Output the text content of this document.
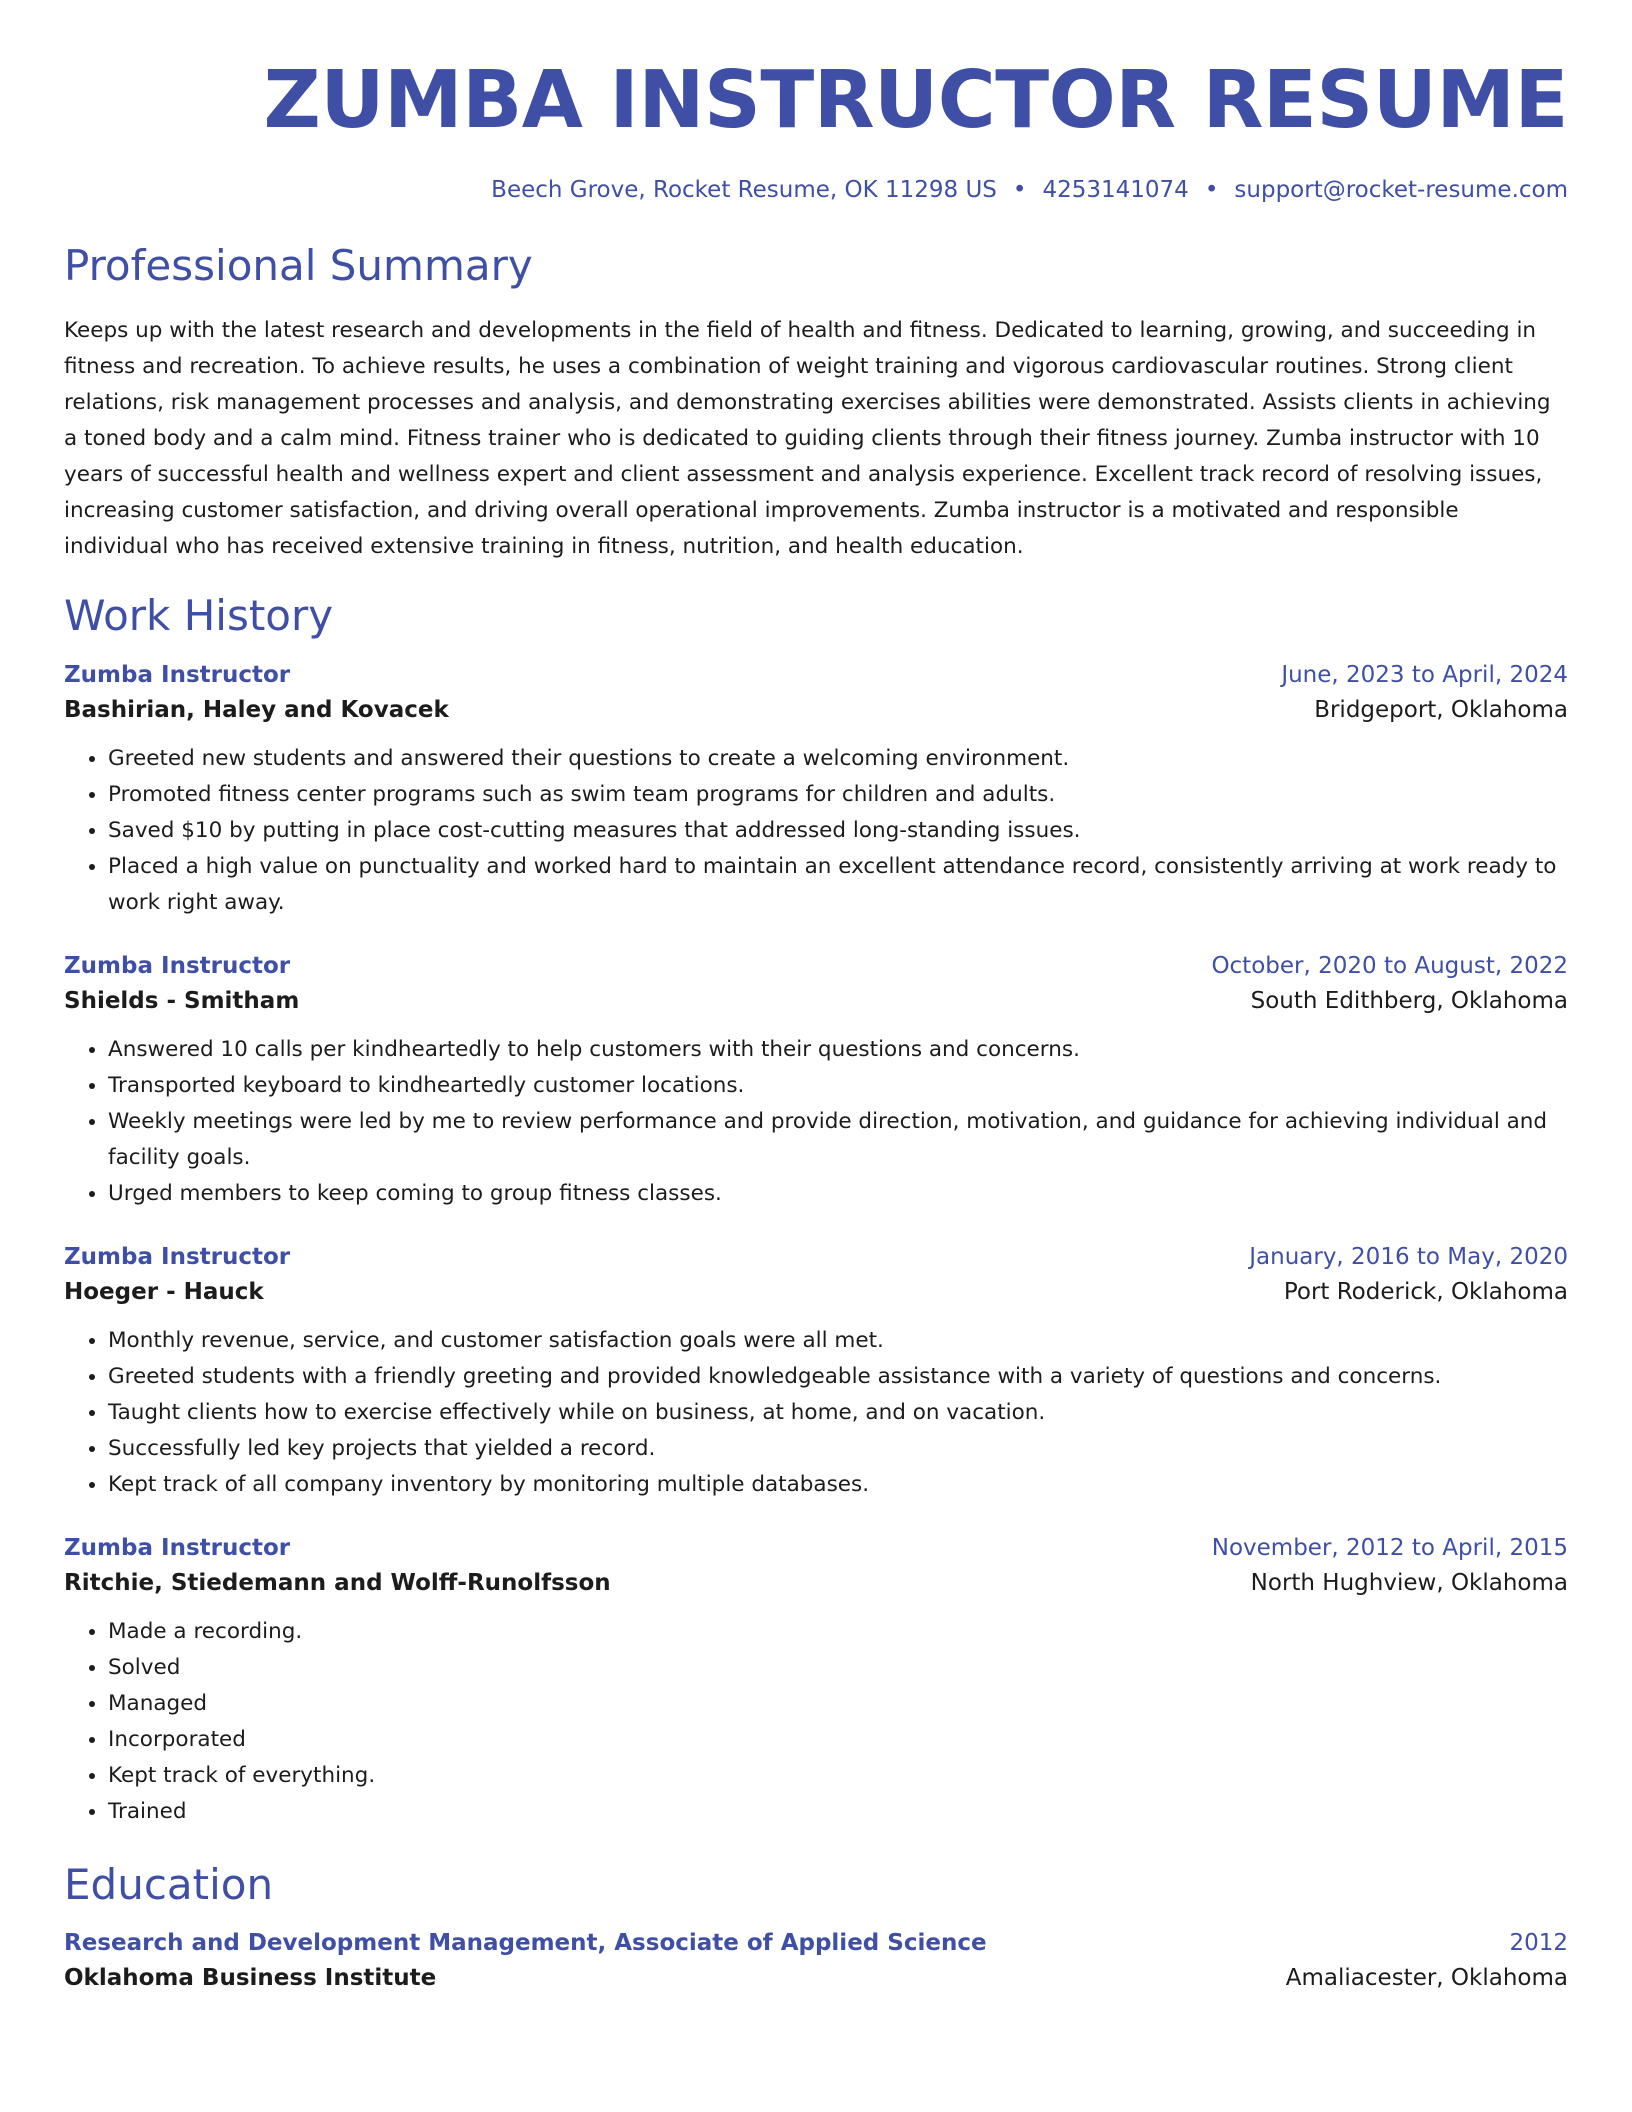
ZUMBA INSTRUCTOR RESUME
Beech Grove, Rocket Resume, OK 11298 US • 4253141074 • support@rocket-resume.com
Professional Summary
Keeps up with the latest research and developments in the field of health and fitness. Dedicated to learning, growing, and succeeding in fitness and recreation. To achieve results, he uses a combination of weight training and vigorous cardiovascular routines. Strong client relations, risk management processes and analysis, and demonstrating exercises abilities were demonstrated. Assists clients in achieving a toned body and a calm mind. Fitness trainer who is dedicated to guiding clients through their fitness journey. Zumba instructor with 10 years of successful health and wellness expert and client assessment and analysis experience. Excellent track record of resolving issues, increasing customer satisfaction, and driving overall operational improvements. Zumba instructor is a motivated and responsible individual who has received extensive training in fitness, nutrition, and health education.
Work History
Zumba Instructor	June, 2023 to April, 2024
Bashirian, Haley and Kovacek	Bridgeport, Oklahoma
• Greeted new students and answered their questions to create a welcoming environment.
• Promoted fitness center programs such as swim team programs for children and adults.
• Saved $10 by putting in place cost-cutting measures that addressed long-standing issues.
• Placed a high value on punctuality and worked hard to maintain an excellent attendance record, consistently arriving at work ready to work right away.
Zumba Instructor	October, 2020 to August, 2022
Shields - Smitham	South Edithberg, Oklahoma
• Answered 10 calls per kindheartedly to help customers with their questions and concerns.
• Transported keyboard to kindheartedly customer locations.
• Weekly meetings were led by me to review performance and provide direction, motivation, and guidance for achieving individual and facility goals.
• Urged members to keep coming to group fitness classes.
Zumba Instructor	January, 2016 to May, 2020
Hoeger - Hauck	Port Roderick, Oklahoma
• Monthly revenue, service, and customer satisfaction goals were all met.
• Greeted students with a friendly greeting and provided knowledgeable assistance with a variety of questions and concerns.
• Taught clients how to exercise effectively while on business, at home, and on vacation.
• Successfully led key projects that yielded a record.
• Kept track of all company inventory by monitoring multiple databases.
Zumba Instructor	November, 2012 to April, 2015
Ritchie, Stiedemann and Wolff-Runolfsson	North Hughview, Oklahoma
• Made a recording.
• Solved
• Managed
• Incorporated
• Kept track of everything.
• Trained
Education
Research and Development Management, Associate of Applied Science	2012
Oklahoma Business Institute	Amaliacester, Oklahoma
